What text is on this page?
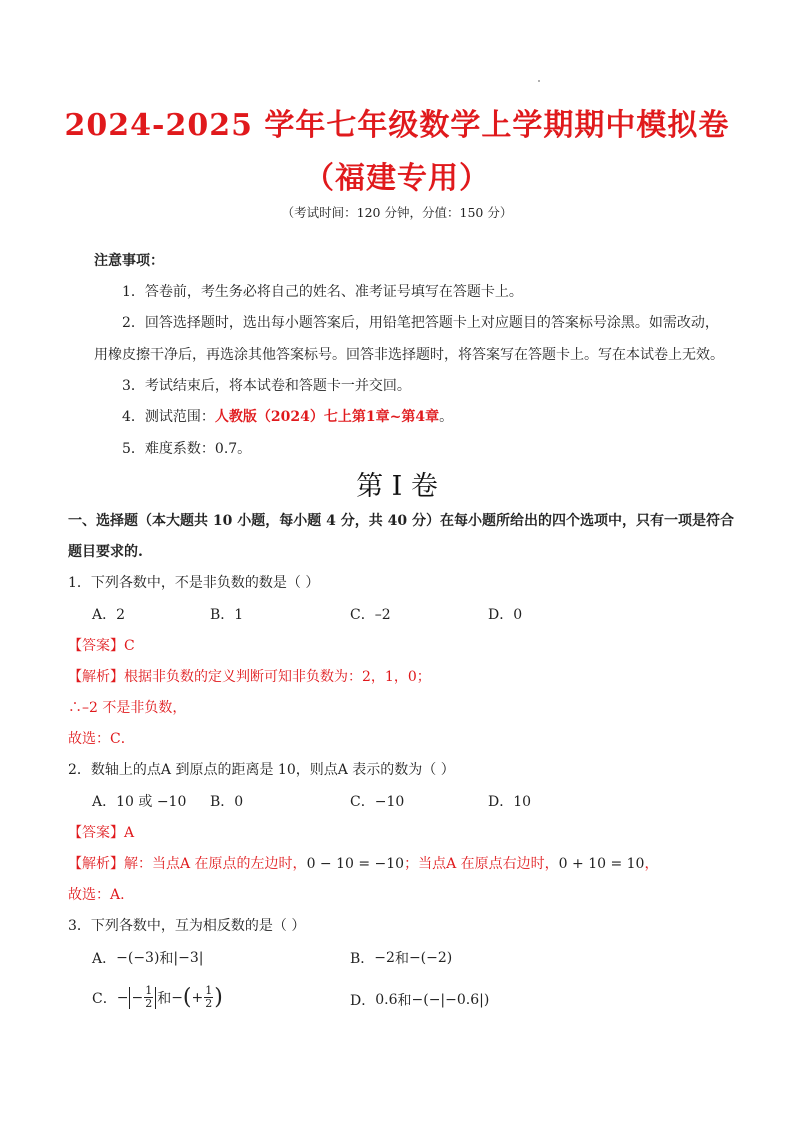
2024-2025 学年七年级数学上学期期中模拟卷
（福建专用）
（考试时间：120 分钟，分值：150 分）
注意事项：
1．答卷前，考生务必将自己的姓名、准考证号填写在答题卡上。
2．回答选择题时，选出每小题答案后，用铅笔把答题卡上对应题目的答案标号涂黑。如需改动，
用橡皮擦干净后，再选涂其他答案标号。回答非选择题时，将答案写在答题卡上。写在本试卷上无效。
3．考试结束后，将本试卷和答题卡一并交回。
4．测试范围：人教版（2024）七上第1章~第4章。
5．难度系数：0.7。
第 I 卷
一、选择题（本大题共 10 小题，每小题 4 分，共 40 分）在每小题所给出的四个选项中，只有一项是符合
题目要求的.
1．下列各数中，不是非负数的数是（ ）
A．2	B．1	C．–2	D．0
【答案】C
【解析】根据非负数的定义判断可知非负数为：2，1，0；
∴–2 不是非负数，
故选：C．
2．数轴上的点A 到原点的距离是 10，则点A 表示的数为（ ）
A．10 或 −10 B．0	C．−10	D．10
【答案】A
【解析】解：当点A 在原点的左边时，0 − 10 = −10；当点A 在原点右边时，0 + 10 = 10，
故选：A.
3．下列各数中，互为相反数的是（ ）
A． −(−3) 和 |−3|	B． −2 和 −(−2)
C． − − $\frac{1}{2}$ 和 − ( + $\frac{1}{2}$ )	D． 0.6 和 −(−|−0.6|)
